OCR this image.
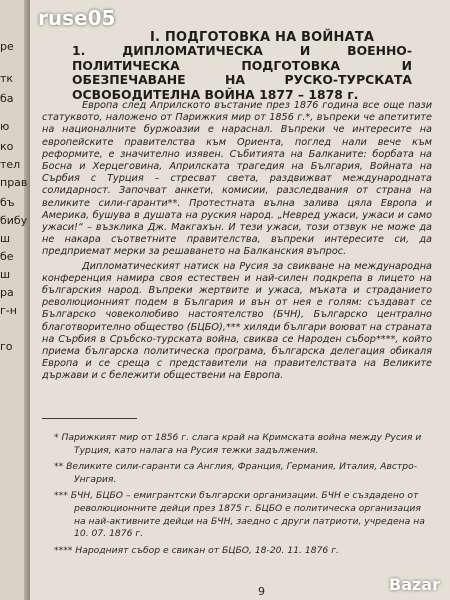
ре
тк
ба
ю
ко
тел
прав
бъ
бибу
ш
бе
ш
ра
г-н
го
ruse05
I. ПОДГОТОВКА НА ВОЙНАТА
1. ДИПЛОМАТИЧЕСКА И ВОЕННО-ПОЛИТИЧЕСКА ПОДГОТОВКА И ОБЕЗПЕЧАВАНЕ НА РУСКО-ТУРСКАТА ОСВОБОДИТЕЛНА ВОЙНА 1877 – 1878 г.

Европа след Априлското въстание през 1876 година все още пази статуквото, наложено от Парижкия мир от 1856 г.*, въпреки че апетитите на националните буржоазии е нараснал. Въпреки че интересите на европейските правителства към Ориента, поглед нали вече към реформите, е значително изявен. Събитията на Балканите: борбата на Босна и Херцеговина, Априлската трагедия на България, Войната на Сърбия с Турция – стресват света, раздвижват международната солидарност. Започват анкети, комисии, разследвания от страна на великите сили-гаранти**. Протестната вълна залива цяла Европа и Америка, бушува в душата на руския народ. „Невред ужаси, ужаси и само ужаси!“ – възклика Дж. Макгахън. И тези ужаси, този отзвук не може да не накара съответните правителства, въпреки интересите си, да предприемат мерки за решаването на Балканския въпрос.

Дипломатическият натиск на Русия за свикване на международна конференция намира своя естествен и най-силен подкрепа в лицето на българския народ. Въпреки жертвите и ужаса, мъката и страданието революционният подем в България и вън от нея е голям: създават се Българско човеколюбиво настоятелство (БЧН), Българско централно благотворително общество (БЦБО),*** хиляди българи воюват на страната на Сърбия в Сръбско-турската война, свиква се Народен събор****, който приема българска политическа програма, българска делегация обикаля Европа и се среща с представители на правителствата на Великите държави и с бележити обществени на Европа.

* Парижкият мир от 1856 г. слага край на Кримската война между Русия и Турция, като налага на Русия тежки задължения.

** Великите сили-гаранти са Англия, Франция, Германия, Италия, Австро-Унгария.

*** БЧН, БЦБО – емигрантски български организации. БЧН е създадено от революционните дейци през 1875 г. БЦБО е политическа организация на най-активните дейци на БЧН, заедно с други патриоти, учредена на 10. 07. 1876 г.

**** Народният събор е свикан от БЦБО, 18-20. 11. 1876 г.

9	Bazar
